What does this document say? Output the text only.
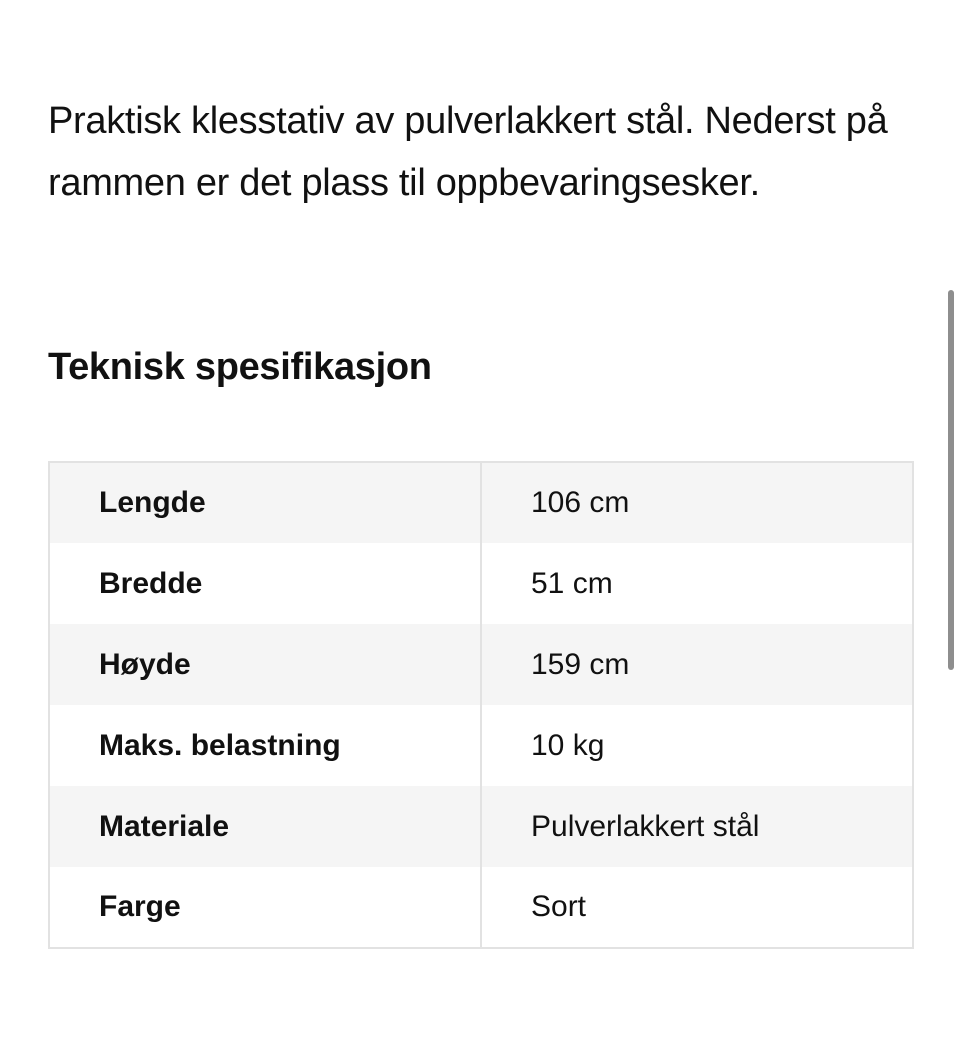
Praktisk klesstativ av pulverlakkert stål. Nederst på rammen er det plass til oppbevaringsesker.

Teknisk spesifikasjon
Lengde	106 cm
Bredde	51 cm
Høyde	159 cm
Maks. belastning	10 kg
Materiale	Pulverlakkert stål
Farge	Sort
